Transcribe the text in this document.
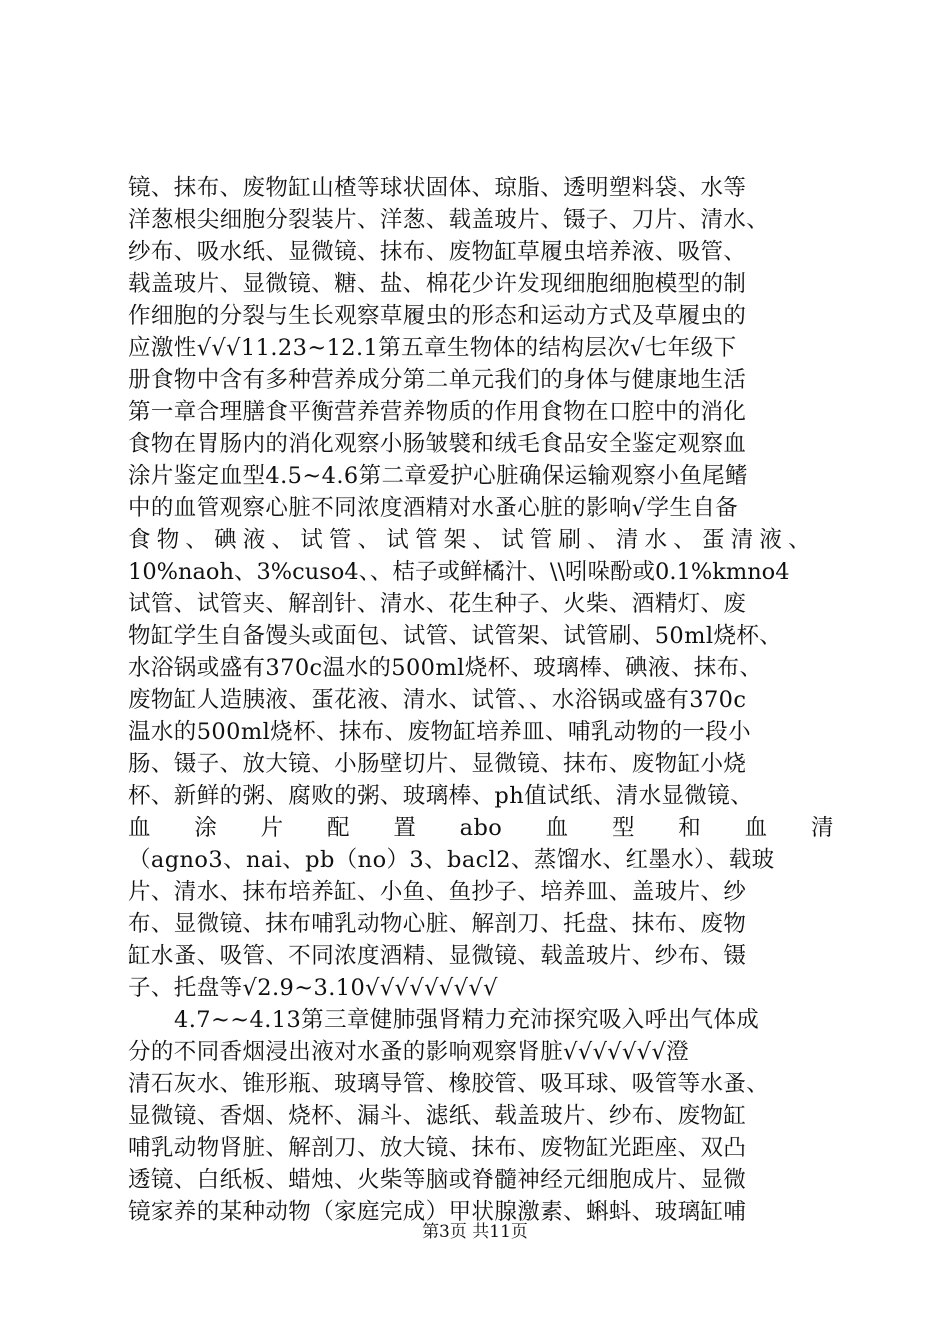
镜、抹布、废物缸山楂等球状固体、琼脂、透明塑料袋、水等
洋葱根尖细胞分裂装片、洋葱、载盖玻片、镊子、刀片、清水、
纱布、吸水纸、显微镜、抹布、废物缸草履虫培养液、吸管、
载盖玻片、显微镜、糖、盐、棉花少许发现细胞细胞模型的制
作细胞的分裂与生长观察草履虫的形态和运动方式及草履虫的
应激性√√√11.23~12.1第五章生物体的结构层次√七年级下
册食物中含有多种营养成分第二单元我们的身体与健康地生活
第一章合理膳食平衡营养营养物质的作用食物在口腔中的消化
食物在胃肠内的消化观察小肠皱襞和绒毛食品安全鉴定观察血
涂片鉴定血型4.5~4.6第二章爱护心脏确保运输观察小鱼尾鳍
中的血管观察心脏不同浓度酒精对水蚤心脏的影响√学生自备
食物、碘液、试管、试管架、试管刷、清水、蛋清液、
10%naoh、3%cuso4、、桔子或鲜橘汁、\\吲哚酚或0.1%kmno4
试管、试管夹、解剖针、清水、花生种子、火柴、酒精灯、废
物缸学生自备馒头或面包、试管、试管架、试管刷、50ml烧杯、
水浴锅或盛有370c温水的500ml烧杯、玻璃棒、碘液、抹布、
废物缸人造胰液、蛋花液、清水、试管、、水浴锅或盛有370c
温水的500ml烧杯、抹布、废物缸培养皿、哺乳动物的一段小
肠、镊子、放大镜、小肠壁切片、显微镜、抹布、废物缸小烧
杯、新鲜的粥、腐败的粥、玻璃棒、ph值试纸、清水显微镜、
血 涂 片 配 置 abo 血 型 和 血 清
（agno3、nai、pb（no）3、bacl2、蒸馏水、红墨水）、载玻
片、清水、抹布培养缸、小鱼、鱼抄子、培养皿、盖玻片、纱
布、显微镜、抹布哺乳动物心脏、解剖刀、托盘、抹布、废物
缸水蚤、吸管、不同浓度酒精、显微镜、载盖玻片、纱布、镊
子、托盘等√2.9~3.10√√√√√√√√√
4.7~~4.13第三章健肺强肾精力充沛探究吸入呼出气体成
分的不同香烟浸出液对水蚤的影响观察肾脏√√√√√√√澄
清石灰水、锥形瓶、玻璃导管、橡胶管、吸耳球、吸管等水蚤、
显微镜、香烟、烧杯、漏斗、滤纸、载盖玻片、纱布、废物缸
哺乳动物肾脏、解剖刀、放大镜、抹布、废物缸光距座、双凸
透镜、白纸板、蜡烛、火柴等脑或脊髓神经元细胞成片、显微
镜家养的某种动物（家庭完成）甲状腺激素、蝌蚪、玻璃缸哺
第3页 共11页
